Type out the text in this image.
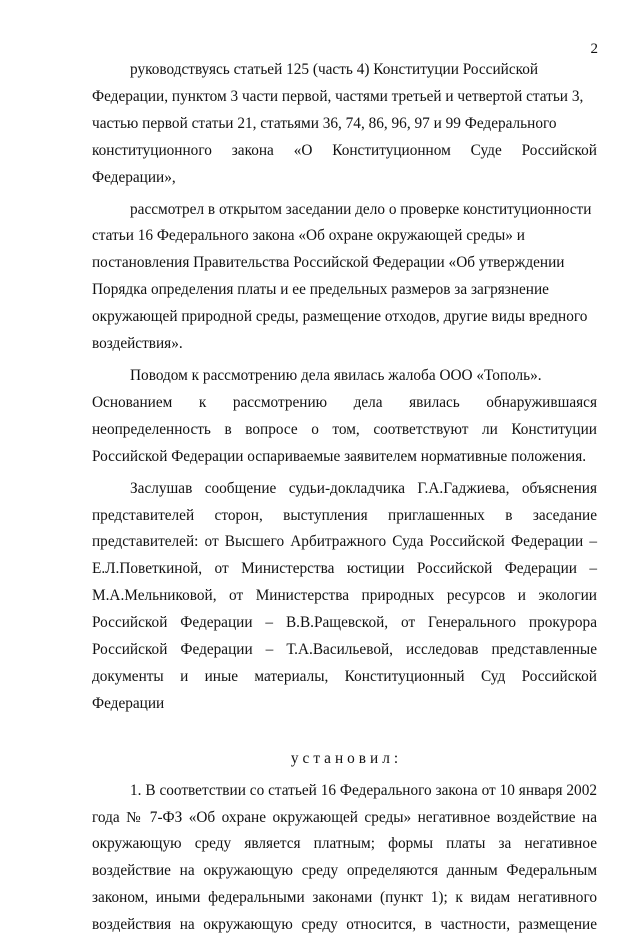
2

руководствуясь статьей 125 (часть 4) Конституции Российской

Федерации, пунктом 3 части первой, частями третьей и четвертой статьи 3,

частью первой статьи 21, статьями 36, 74, 86, 96, 97 и 99 Федерального

конституционного закона «О Конституционном Суде Российской Федерации»,

рассмотрел в открытом заседании дело о проверке конституционности

статьи 16 Федерального закона «Об охране окружающей среды» и

постановления Правительства Российской Федерации «Об утверждении

Порядка определения платы и ее предельных размеров за загрязнение

окружающей природной среды, размещение отходов, другие виды вредного

воздействия».

Поводом к рассмотрению дела явилась жалоба ООО «Тополь».

Основанием к рассмотрению дела явилась обнаружившаяся

неопределенность в вопросе о том, соответствуют ли Конституции

Российской Федерации оспариваемые заявителем нормативные положения.

Заслушав сообщение судьи-докладчика Г.А.Гаджиева, объяснения

представителей сторон, выступления приглашенных в заседание

представителей: от Высшего Арбитражного Суда Российской Федерации –

Е.Л.Поветкиной, от Министерства юстиции Российской Федерации –

М.А.Мельниковой, от Министерства природных ресурсов и экологии

Российской Федерации – В.В.Ращевской, от Генерального прокурора

Российской Федерации – Т.А.Васильевой, исследовав представленные

документы и иные материалы, Конституционный Суд Российской Федерации

установил:

1. В соответствии со статьей 16 Федерального закона от 10 января 2002

года № 7-ФЗ «Об охране окружающей среды» негативное воздействие на

окружающую среду является платным; формы платы за негативное

воздействие на окружающую среду определяются данным Федеральным

законом, иными федеральными законами (пункт 1); к видам негативного

воздействия на окружающую среду относится, в частности, размещение
